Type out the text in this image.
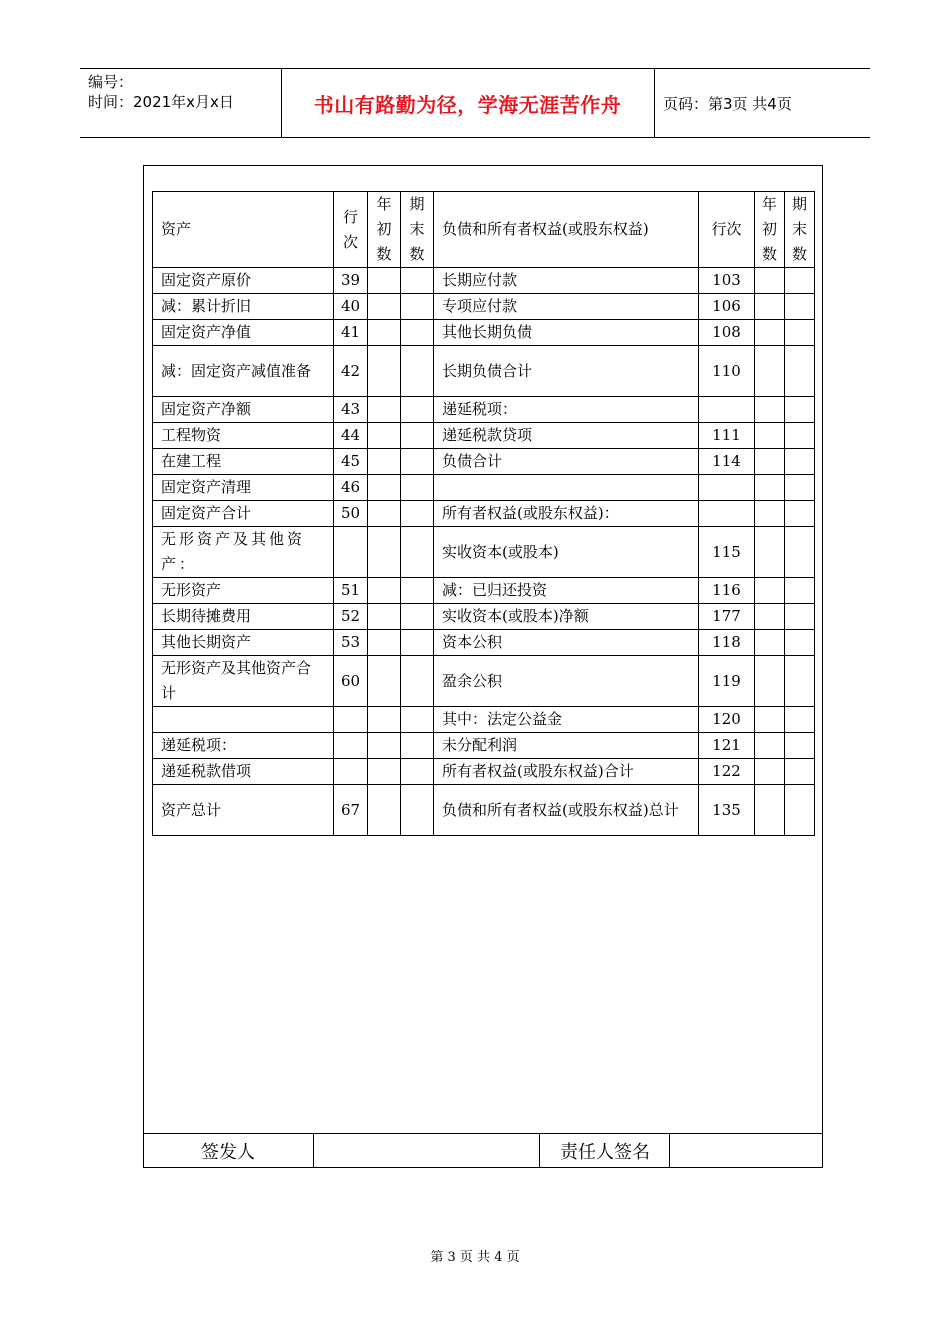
编号：
时间：2021年x月x日	书山有路勤为径，学海无涯苦作舟	页码：第3页 共4页
资产	行次	年初数	期末数	负债和所有者权益(或股东权益)	行次	年初数	期末数

固定资产原价	39			长期应付款	103		
减：累计折旧	40			专项应付款	106		
固定资产净值	41			其他长期负债	108		
减：固定资产减值准备	42			长期负债合计	110		
固定资产净额	43			递延税项：			
工程物资	44			递延税款贷项	111		
在建工程	45			负债合计	114		
固定资产清理	46						
固定资产合计	50			所有者权益(或股东权益)：			
无形资产及其他资产：				实收资本(或股本)	115		
无形资产	51			减：已归还投资	116		
长期待摊费用	52			实收资本(或股本)净额	177		
其他长期资产	53			资本公积	118		
无形资产及其他资产合计	60			盈余公积	119		
				其中：法定公益金	120		
递延税项：				未分配利润	121		
递延税款借项				所有者权益(或股东权益)合计	122		
资产总计	67			负债和所有者权益(或股东权益)总计	135		
签发人	责任人签名
第 3 页 共 4 页
